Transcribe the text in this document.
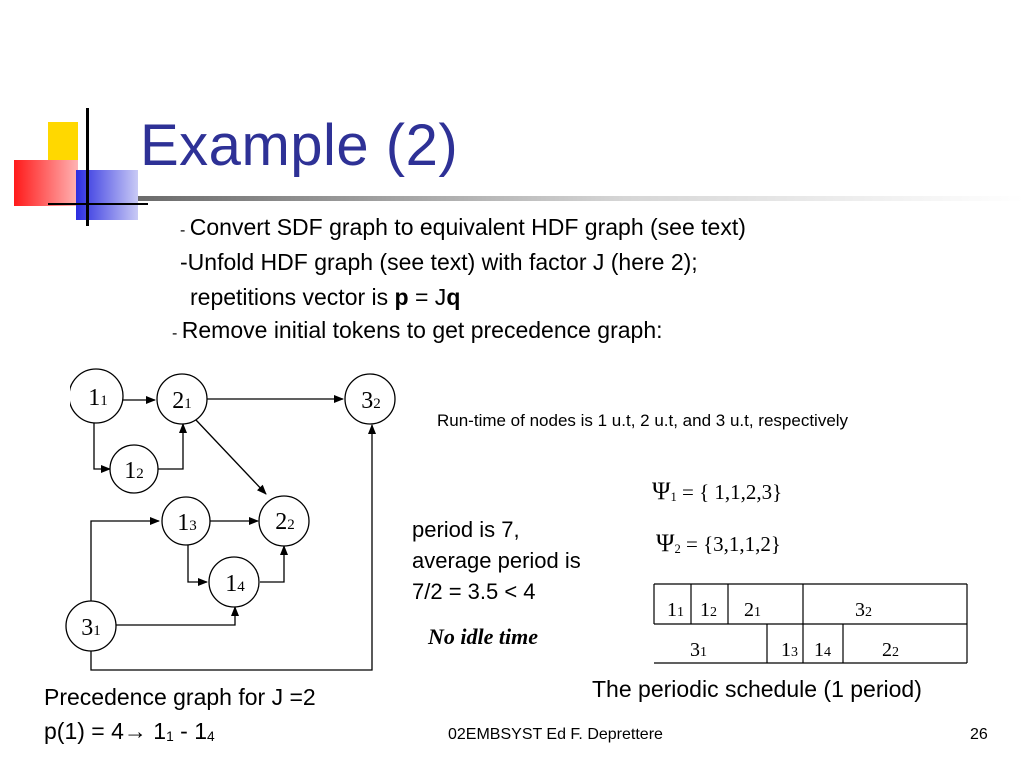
Example (2)
- Convert SDF graph to equivalent HDF graph (see text)
-Unfold HDF graph (see text) with factor J (here 2);
repetitions vector is p = Jq
- Remove initial tokens to get precedence graph:
11	21	32
12
13	22
14
31
Run-time of nodes is 1 u.t, 2 u.t, and 3 u.t, respectively
$\Psi_1$ = { 1,1,2,3}
$\Psi_2 = \{3,1,1,2\}$
period is 7,
average period is
7/2 = 3.5 < 4
No idle time
11 12 21	32
31	13 14	22
The periodic schedule (1 period)
Precedence graph for J =2
$p(1) = 4\to 1_1 - 1_4$	02EMBSYST Ed F. Deprettere	26
